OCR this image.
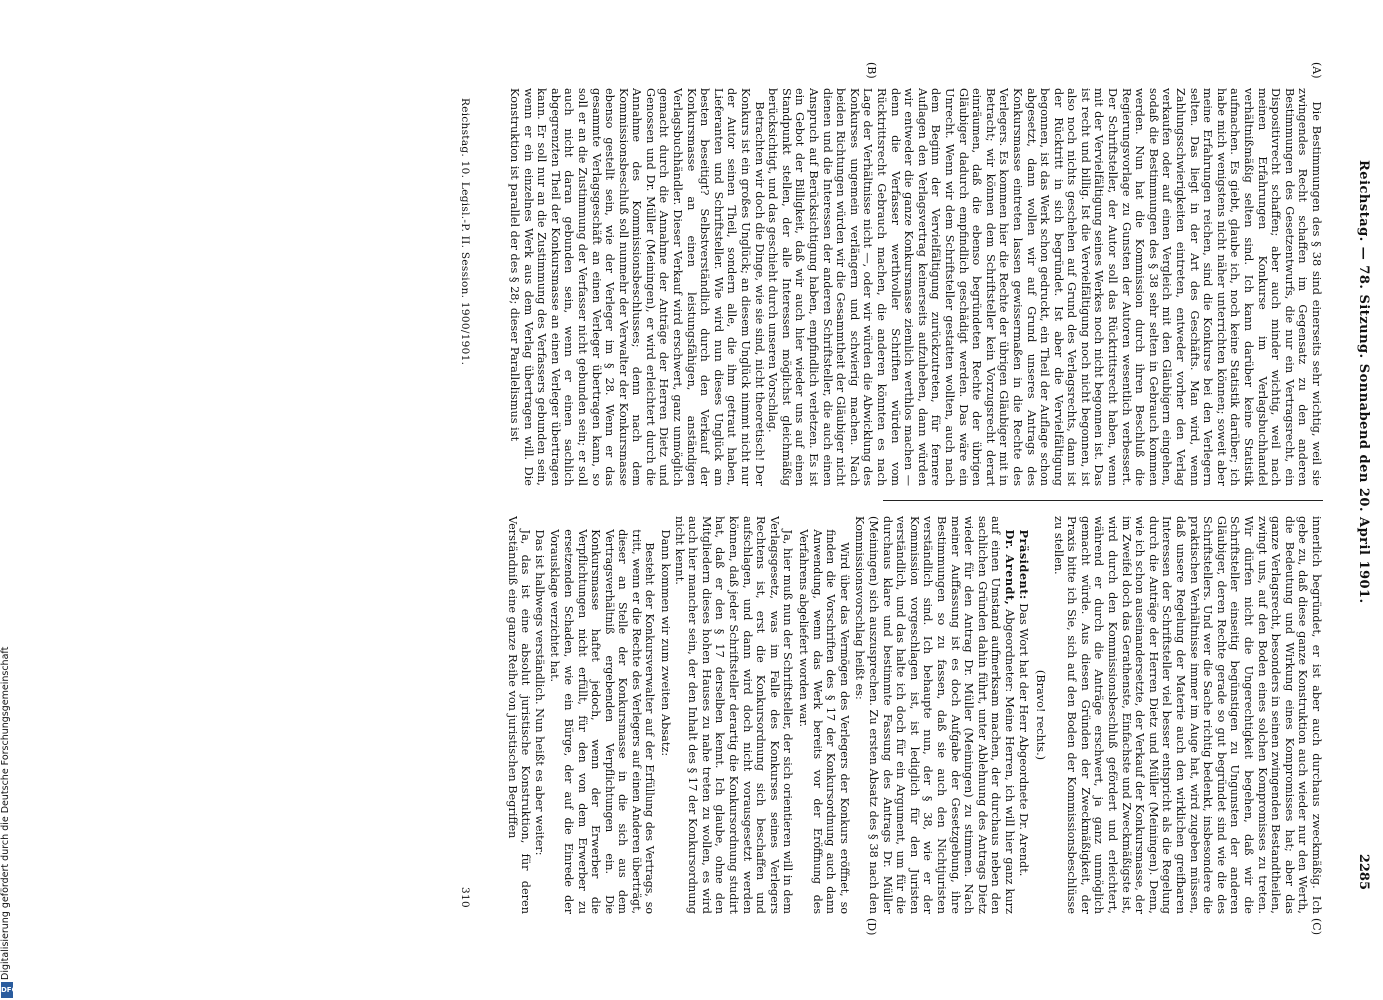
Reichstag. — 78. Sitzung. Sonnabend den 20. April 1901.
2285
(A)
(B)
(C)
(D)

Die Bestimmungen des § 38 sind einerseits sehr wichtig, weil sie zwingendes Recht schaffen im Gegensatz zu den anderen Bestimmungen des Gesetzentwurfs, die nur ein Vertragsrecht, ein Dispositivrecht schaffen; aber auch minder wichtig, weil nach meinen Erfahrungen Konkurse im Verlagsbuchhandel verhältnißmäßig selten sind. Ich kann darüber keine Statistik aufmachen. Es giebt, glaube ich, noch keine Statistik darüber; ich habe mich wenigstens nicht näher unterrichten können; soweit aber meine Erfahrungen reichen, sind die Konkurse bei den Verlegern selten. Das liegt in der Art des Geschäfts. Man wird, wenn Zahlungsschwierigkeiten eintreten, entweder vorher den Verlag verkaufen oder auf einen Vergleich mit den Gläubigern eingehen, sodaß die Bestimmungen des § 38 sehr selten in Gebrauch kommen werden. Nun hat die Kommission durch ihren Beschluß die Regierungsvorlage zu Gunsten der Autoren wesentlich verbessert. Der Schriftsteller, der Autor soll das Rücktrittsrecht haben, wenn mit der Vervielfältigung seines Werkes noch nicht begonnen ist. Das ist recht und billig. Ist die Vervielfältigung noch nicht begonnen, ist also noch nichts geschehen auf Grund des Verlagsrechts, dann ist der Rücktritt in sich begründet. Ist aber die Vervielfältigung begonnen, ist das Werk schon gedruckt, ein Theil der Auflage schon abgesetzt, dann wollen wir auf Grund unseres Antrags des Konkursmasse eintreten lassen gewissermaßen in die Rechte des Verlegers. Es kommen hier die Rechte der übrigen Gläubiger mit in Betracht; wir können dem Schriftsteller kein Vorzugsrecht derart einräumen, daß die ebenso begründeten Rechte der übrigen Gläubiger dadurch empfindlich geschädigt werden. Das wäre ein Unrecht. Wenn wir dem Schriftsteller gestatten wollten, auch nach dem Beginn der Vervielfältigung zurückzutreten, für fernere Auflagen den Verlagsvertrag keinerseits aufzuheben, dann würden wir entweder die ganze Konkursmasse ziemlich werthlos machen — denn die Verfasser werthvoller Schriften würden vom Rücktrittsrecht Gebrauch machen, die anderen könnten es nach Lage der Verhältnisse nicht —, oder wir würden die Abwicklung des Konkurses ungemein verlängern und schwierig machen. Nach beiden Richtungen würden wir die Gesammtheit der Gläubiger nicht dienen und die Interessen der anderen Schriftsteller, die auch einen Anspruch auf Berücksichtigung haben, empfindlich verletzen. Es ist ein Gebot der Billigkeit, daß wir auch hier wieder uns auf einen Standpunkt stellen, der alle Interessen möglichst gleichmäßig berücksichtigt, und das geschieht durch unseren Vorschlag.

Betrachten wir doch die Dinge, wie sie sind, nicht theoretisch! Der Konkurs ist ein großes Unglück; an diesem Unglück nimmt nicht nur der Autor seinen Theil, sondern alle, die ihm getraut haben, Lieferanten und Schriftsteller. Wie wird nun dieses Unglück am besten beseitigt? Selbstverständlich durch den Verkauf der Konkursmasse an einen leistungsfähigen, anständigen Verlagsbuchhändler. Dieser Verkauf wird erschwert, ganz unmöglich gemacht durch die Annahme der Anträge der Herren Dietz und Genossen und Dr. Müller (Meiningen), er wird erleichtert durch die Annahme des Kommissionsbeschlusses; denn nach dem Kommissionsbeschluß soll nunmehr der Verwalter der Konkursmasse ebenso gestellt sein, wie der Verleger im § 28. Wenn er das gesammte Verlagsgeschäft an einen Verleger übertragen kann, so soll er an die Zustimmung der Verfasser nicht gebunden sein; er soll auch nicht daran gebunden sein, wenn er einen sachlich abgegrenzten Theil der Konkursmasse an einen Verleger übertragen kann. Er soll nur an die Zustimmung des Verfassers gebunden sein, wenn er ein einzelnes Werk aus dem Verlag übertragen will. Die Konstruktion ist parallel der des § 28; dieser Parallelismus ist

innerlich begründet, er ist aber auch durchaus zweckmäßig. Ich gebe zu, daß diese ganze Konstruktion auch wieder nur den Werth, die Bedeutung und Wirkung eines Kompromisses hat; aber das ganze Verlagsrecht, besonders in seinen zwingenden Bestandtheilen, zwingt uns, auf den Boden eines solchen Kompromisses zu treten. Wir dürfen nicht die Ungerechtigkeit begehen, daß wir die Schriftsteller einseitig begünstigen zu Ungunsten der anderen Gläubiger, deren Rechte gerade so gut begründet sind wie die des Schriftstellers. Und wer die Sache richtig bedenkt, insbesondere die praktischen Verhältnisse immer im Auge hat, wird zugeben müssen, daß unsere Regelung der Materie auch den wirklichen greifbaren Interessen der Schriftsteller viel besser entspricht als die Regelung durch die Anträge der Herren Dietz und Müller (Meiningen). Denn, wie ich schon auseinandersetzte, der Verkauf der Konkursmasse, der im Zweifel doch das Gerathenste, Einfachste und Zweckmäßigste ist, wird durch den Kommissionsbeschluß gefördert und erleichtert, während er durch die Anträge erschwert, ja ganz unmöglich gemacht würde. Aus diesen Gründen der Zweckmäßigkeit, der Praxis bitte ich Sie, sich auf den Boden der Kommissionsbeschlüsse zu stellen.

(Bravo! rechts.)

Präsident: Das Wort hat der Herr Abgeordnete Dr. Arendt.

Dr. Arendt, Abgeordneter: Meine Herren, ich will hier ganz kurz auf einen Umstand aufmerksam machen, der durchaus neben den sachlichen Gründen dahin führt, unter Ablehnung des Antrags Dietz wieder für den Antrag Dr. Müller (Meiningen) zu stimmen. Nach meiner Auffassung ist es doch Aufgabe der Gesetzgebung, ihre Bestimmungen so zu fassen, daß sie auch den Nichtjuristen verständlich sind. Ich behaupte nun, der § 38, wie er der Kommission vorgeschlagen ist, ist lediglich für den Juristen verständlich, und das halte ich doch für ein Argument, um für die durchaus klare und bestimmte Fassung des Antrags Dr. Müller (Meiningen) sich auszusprechen. Zu ersten Absatz des § 38 nach den Kommissionsvorschlag heißt es:

Wird über das Vermögen des Verlegers der Konkurs eröffnet, so finden die Vorschriften des § 17 der Konkursordnung auch dann Anwendung, wenn das Werk bereits vor der Eröffnung des Verfahrens abgeliefert worden war.

Ja, hier muß nun der Schriftsteller, der sich orientieren will in dem Verlagsgesetz, was im Falle des Konkurses seines Verlegers Rechtens ist, erst die Konkursordnung sich beschaffen und aufschlagen, und dann wird doch nicht vorausgesetzt werden können, daß jeder Schriftsteller derartig die Konkursordnung studirt hat, daß er den § 17 derselben kennt. Ich glaube, ohne den Mitgliedern dieses hohen Hauses zu nahe treten zu wollen, es wird auch hier mancher sein, der den Inhalt des § 17 der Konkursordnung nicht kennt.

Dann kommen wir zum zweiten Absatz:

Besteht der Konkursverwalter auf der Erfüllung des Vertrags, so tritt, wenn er die Rechte des Verlegers auf einen Anderen überträgt, dieser an Stelle der Konkursmasse in die sich aus dem Vertragsverhältniß ergebenden Verpflichtungen ein. Die Konkursmasse haftet jedoch, wenn der Erwerber die Verpflichtungen nicht erfüllt, für den von dem Erwerber zu ersetzenden Schaden, wie ein Bürge, der auf die Einrede der Vorausklage verzichtet hat.

Das ist halbwegs verständlich. Nun heißt es aber weiter:

Ja, das ist eine absolut juristische Konstruktion, für deren Verständniß eine ganze Reihe von juristischen Begriffen

Reichstag. 10. Legisl.-P. II. Session. 1900/1901.
310
Digitalisierung gefördert durch die Deutsche Forschungsgemeinschaft
DFG
